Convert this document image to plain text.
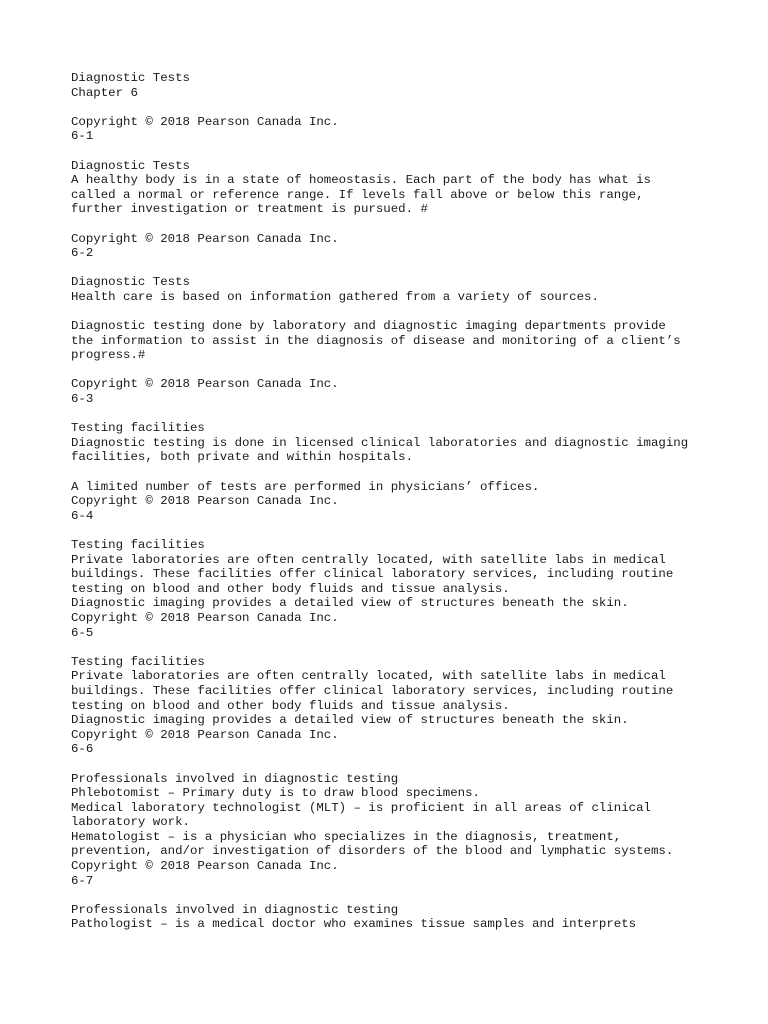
Diagnostic Tests
Chapter 6
Copyright © 2018 Pearson Canada Inc.
6-1
Diagnostic Tests
A healthy body is in a state of homeostasis. Each part of the body has what is
called a normal or reference range. If levels fall above or below this range,
further investigation or treatment is pursued. #
Copyright © 2018 Pearson Canada Inc.
6-2
Diagnostic Tests
Health care is based on information gathered from a variety of sources.
Diagnostic testing done by laboratory and diagnostic imaging departments provide
the information to assist in the diagnosis of disease and monitoring of a client’s
progress.#
Copyright © 2018 Pearson Canada Inc.
6-3
Testing facilities
Diagnostic testing is done in licensed clinical laboratories and diagnostic imaging
facilities, both private and within hospitals.
A limited number of tests are performed in physicians’ offices.
Copyright © 2018 Pearson Canada Inc.
6-4
Testing facilities
Private laboratories are often centrally located, with satellite labs in medical
buildings. These facilities offer clinical laboratory services, including routine
testing on blood and other body fluids and tissue analysis.
Diagnostic imaging provides a detailed view of structures beneath the skin.
Copyright © 2018 Pearson Canada Inc.
6-5
Testing facilities
Private laboratories are often centrally located, with satellite labs in medical
buildings. These facilities offer clinical laboratory services, including routine
testing on blood and other body fluids and tissue analysis.
Diagnostic imaging provides a detailed view of structures beneath the skin.
Copyright © 2018 Pearson Canada Inc.
6-6
Professionals involved in diagnostic testing
Phlebotomist – Primary duty is to draw blood specimens.
Medical laboratory technologist (MLT) – is proficient in all areas of clinical
laboratory work.
Hematologist – is a physician who specializes in the diagnosis, treatment,
prevention, and/or investigation of disorders of the blood and lymphatic systems.
Copyright © 2018 Pearson Canada Inc.
6-7
Professionals involved in diagnostic testing
Pathologist – is a medical doctor who examines tissue samples and interprets
